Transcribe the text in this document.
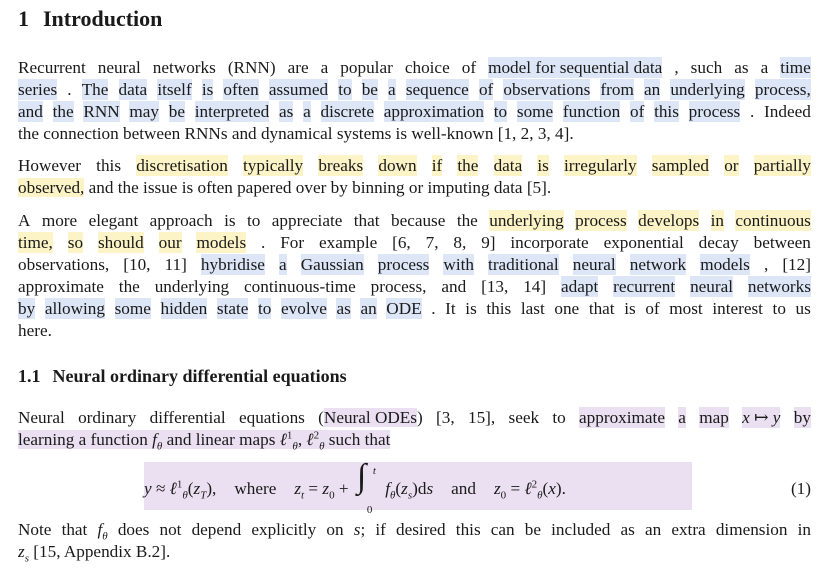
1 Introduction
Recurrent neural networks (RNN) are a popular choice of model for sequential data , such as a time
series . The data itself is often assumed to be a sequence of observations from an underlying process,
and the RNN may be interpreted as a discrete approximation to some function of this process . Indeed
the connection between RNNs and dynamical systems is well-known [1, 2, 3, 4].
However this discretisation typically breaks down if the data is irregularly sampled or partially
observed, and the issue is often papered over by binning or imputing data [5].
A more elegant approach is to appreciate that because the underlying process develops in continuous
time, so should our models . For example [6, 7, 8, 9] incorporate exponential decay between
observations, [10, 11] hybridise a Gaussian process with traditional neural network models , [12]
approximate the underlying continuous-time process, and [13, 14] adapt recurrent neural networks
by allowing some hidden state to evolve as an ODE . It is this last one that is of most interest to us
here.
1.1 Neural ordinary differential equations
Neural ordinary differential equations (Neural ODEs) [3, 15], seek to approximate a map x ↦ y by
learning a function $f_\theta$ and linear maps ℓ$^1_\theta$, ℓ$^2_\theta$ such that
$y \approx \ell^1_\theta(z_T)$, where $z_t = z_0$ + ∫ t
0
$f_\theta(z_s)ds$ and $z_0$ = ℓ$^2_\theta$(x).	(1)
Note that $f_\theta$ does not depend explicitly on s; if desired this can be included as an extra dimension in
$z_s$ [15, Appendix B.2].
